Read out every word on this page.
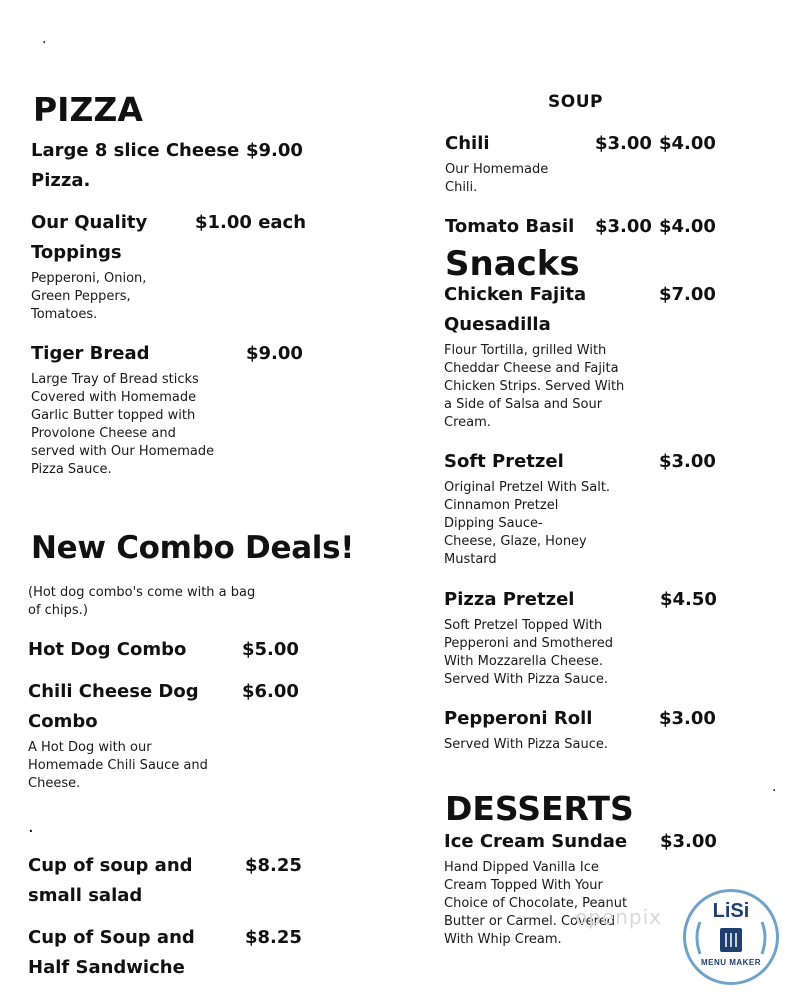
.
.
.
PIZZA
Large 8 slice Cheese
Pizza.
$9.00
Our Quality
Toppings
$1.00 each
Pepperoni, Onion,
Green Peppers,
Tomatoes.
Tiger Bread	$9.00
Large Tray of Bread sticks
Covered with Homemade
Garlic Butter topped with
Provolone Cheese and
served with Our Homemade
Pizza Sauce.
New Combo Deals!
(Hot dog combo's come with a bag
of chips.)
Hot Dog Combo	$5.00
Chili Cheese Dog
Combo
$6.00
A Hot Dog with our
Homemade Chili Sauce and
Cheese.
Cup of soup and
small salad
$8.25
Cup of Soup and
Half Sandwiche
$8.25
SOUP
Chili	$3.00 $4.00
Our Homemade
Chili.
Tomato Basil $3.00 $4.00
Snacks
Chicken Fajita
Quesadilla
$7.00
Flour Tortilla, grilled With
Cheddar Cheese and Fajita
Chicken Strips. Served With
a Side of Salsa and Sour
Cream.
Soft Pretzel	$3.00
Original Pretzel With Salt.
Cinnamon Pretzel
Dipping Sauce-
Cheese, Glaze, Honey
Mustard
Pizza Pretzel	$4.50
Soft Pretzel Topped With
Pepperoni and Smothered
With Mozzarella Cheese.
Served With Pizza Sauce.
Pepperoni Roll	$3.00
Served With Pizza Sauce.
DESSERTS
Ice Cream Sundae $3.00
Hand Dipped Vanilla Ice
Cream Topped With Your
Choice of Chocolate, Peanut
Butter or Carmel. Covered
With Whip Cream.
openpix	LiSi
MENU MAKER
